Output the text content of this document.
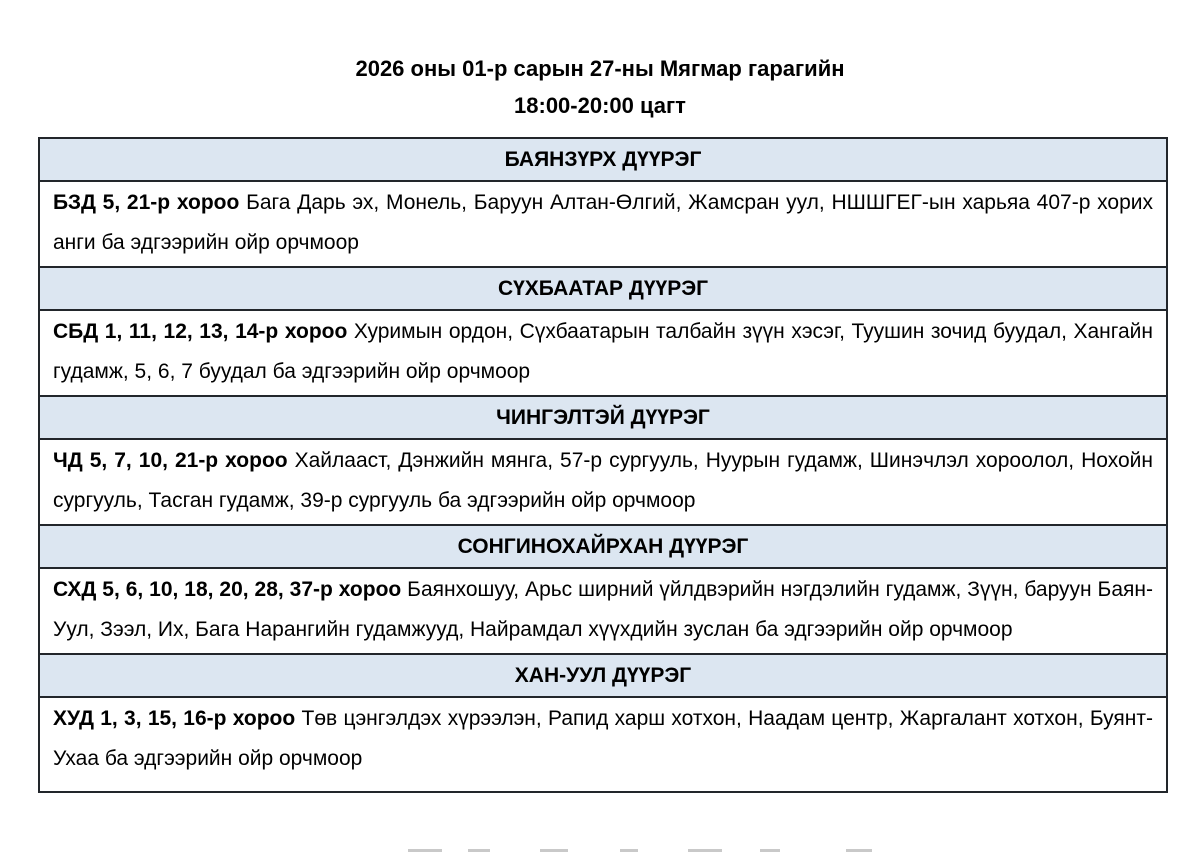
2026 оны 01-р сарын 27-ны Мягмар гарагийн
18:00-20:00 цагт
БАЯНЗҮРХ ДҮҮРЭГ
БЗД 5, 21-р хороо Бага Дарь эх, Монель, Баруун Алтан-Өлгий, Жамсран уул, НШШГЕГ-ын харьяа 407-р хорих анги ба эдгээрийн ойр орчмоор
СҮХБААТАР ДҮҮРЭГ
СБД 1, 11, 12, 13, 14-р хороо Хуримын ордон, Сүхбаатарын талбайн зүүн хэсэг, Туушин зочид буудал, Хангайн гудамж, 5, 6, 7 буудал ба эдгээрийн ойр орчмоор
ЧИНГЭЛТЭЙ ДҮҮРЭГ
ЧД 5, 7, 10, 21-р хороо Хайлааст, Дэнжийн мянга, 57-р сургууль, Нуурын гудамж, Шинэчлэл хороолол, Нохойн сургууль, Тасган гудамж, 39-р сургууль ба эдгээрийн ойр орчмоор
СОНГИНОХАЙРХАН ДҮҮРЭГ
СХД 5, 6, 10, 18, 20, 28, 37-р хороо Баянхошуу, Арьс ширний үйлдвэрийн нэгдэлийн гудамж, Зүүн, баруун Баян-Уул, Зээл, Их, Бага Нарангийн гудамжууд, Найрамдал хүүхдийн зуслан ба эдгээрийн ойр орчмоор
ХАН-УУЛ ДҮҮРЭГ
ХУД 1, 3, 15, 16-р хороо Төв цэнгэлдэх хүрээлэн, Рапид харш хотхон, Наадам центр, Жаргалант хотхон, Буянт-Ухаа ба эдгээрийн ойр орчмоор
